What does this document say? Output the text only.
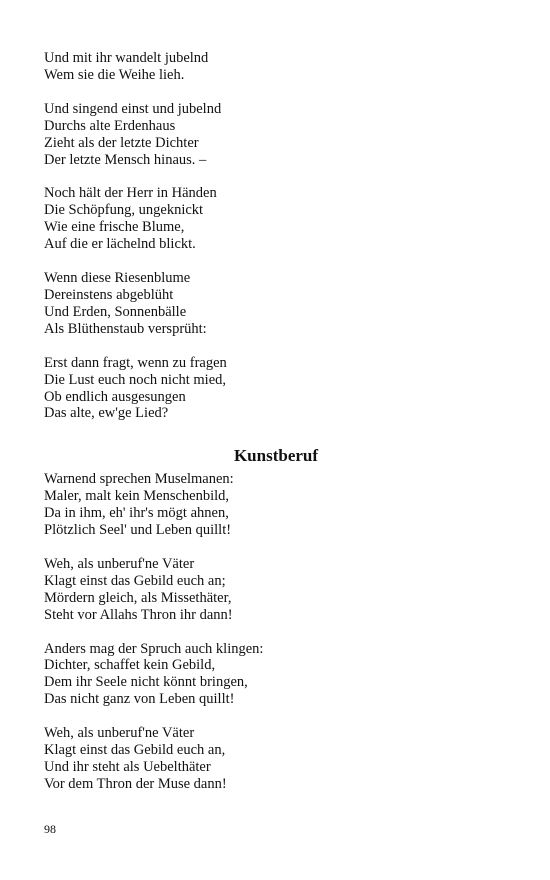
Und mit ihr wandelt jubelnd
Wem sie die Weihe lieh.
Und singend einst und jubelnd
Durchs alte Erdenhaus
Zieht als der letzte Dichter
Der letzte Mensch hinaus. –
Noch hält der Herr in Händen
Die Schöpfung, ungeknickt
Wie eine frische Blume,
Auf die er lächelnd blickt.
Wenn diese Riesenblume
Dereinstens abgeblüht
Und Erden, Sonnenbälle
Als Blüthenstaub versprüht:
Erst dann fragt, wenn zu fragen
Die Lust euch noch nicht mied,
Ob endlich ausgesungen
Das alte, ew'ge Lied?
Kunstberuf
Warnend sprechen Muselmanen:
Maler, malt kein Menschenbild,
Da in ihm, eh' ihr's mögt ahnen,
Plötzlich Seel' und Leben quillt!
Weh, als unberuf'ne Väter
Klagt einst das Gebild euch an;
Mördern gleich, als Missethäter,
Steht vor Allahs Thron ihr dann!
Anders mag der Spruch auch klingen:
Dichter, schaffet kein Gebild,
Dem ihr Seele nicht könnt bringen,
Das nicht ganz von Leben quillt!
Weh, als unberuf'ne Väter
Klagt einst das Gebild euch an,
Und ihr steht als Uebelthäter
Vor dem Thron der Muse dann!
98
